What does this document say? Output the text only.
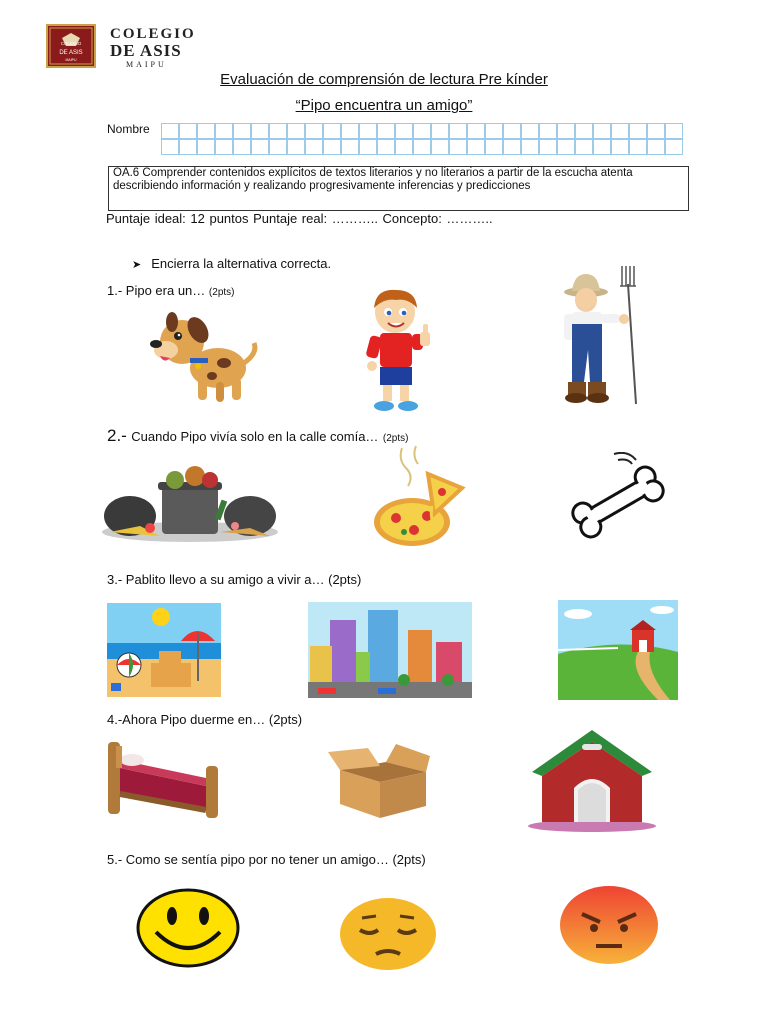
COLEGIO
DE ASIS
MAIPU
COLEGIO
DE ASIS
MAIPU
Evaluación de comprensión de lectura Pre kínder
“Pipo encuentra un amigo”
Nombre
OA.6 Comprender contenidos explícitos de textos literarios y no literarios a partir de la escucha atenta describiendo información y realizando progresivamente inferencias y predicciones
Puntaje ideal: 12 puntos Puntaje real: ……….. Concepto: ………..
➤ Encierra la alternativa correcta.
1.- Pipo era un… (2pts)
2.- Cuando Pipo vivía solo en la calle comía… (2pts)
3.- Pablito llevo a su amigo a vivir a… (2pts)
4.-Ahora Pipo duerme en… (2pts)
5.- Como se sentía pipo por no tener un amigo… (2pts)
